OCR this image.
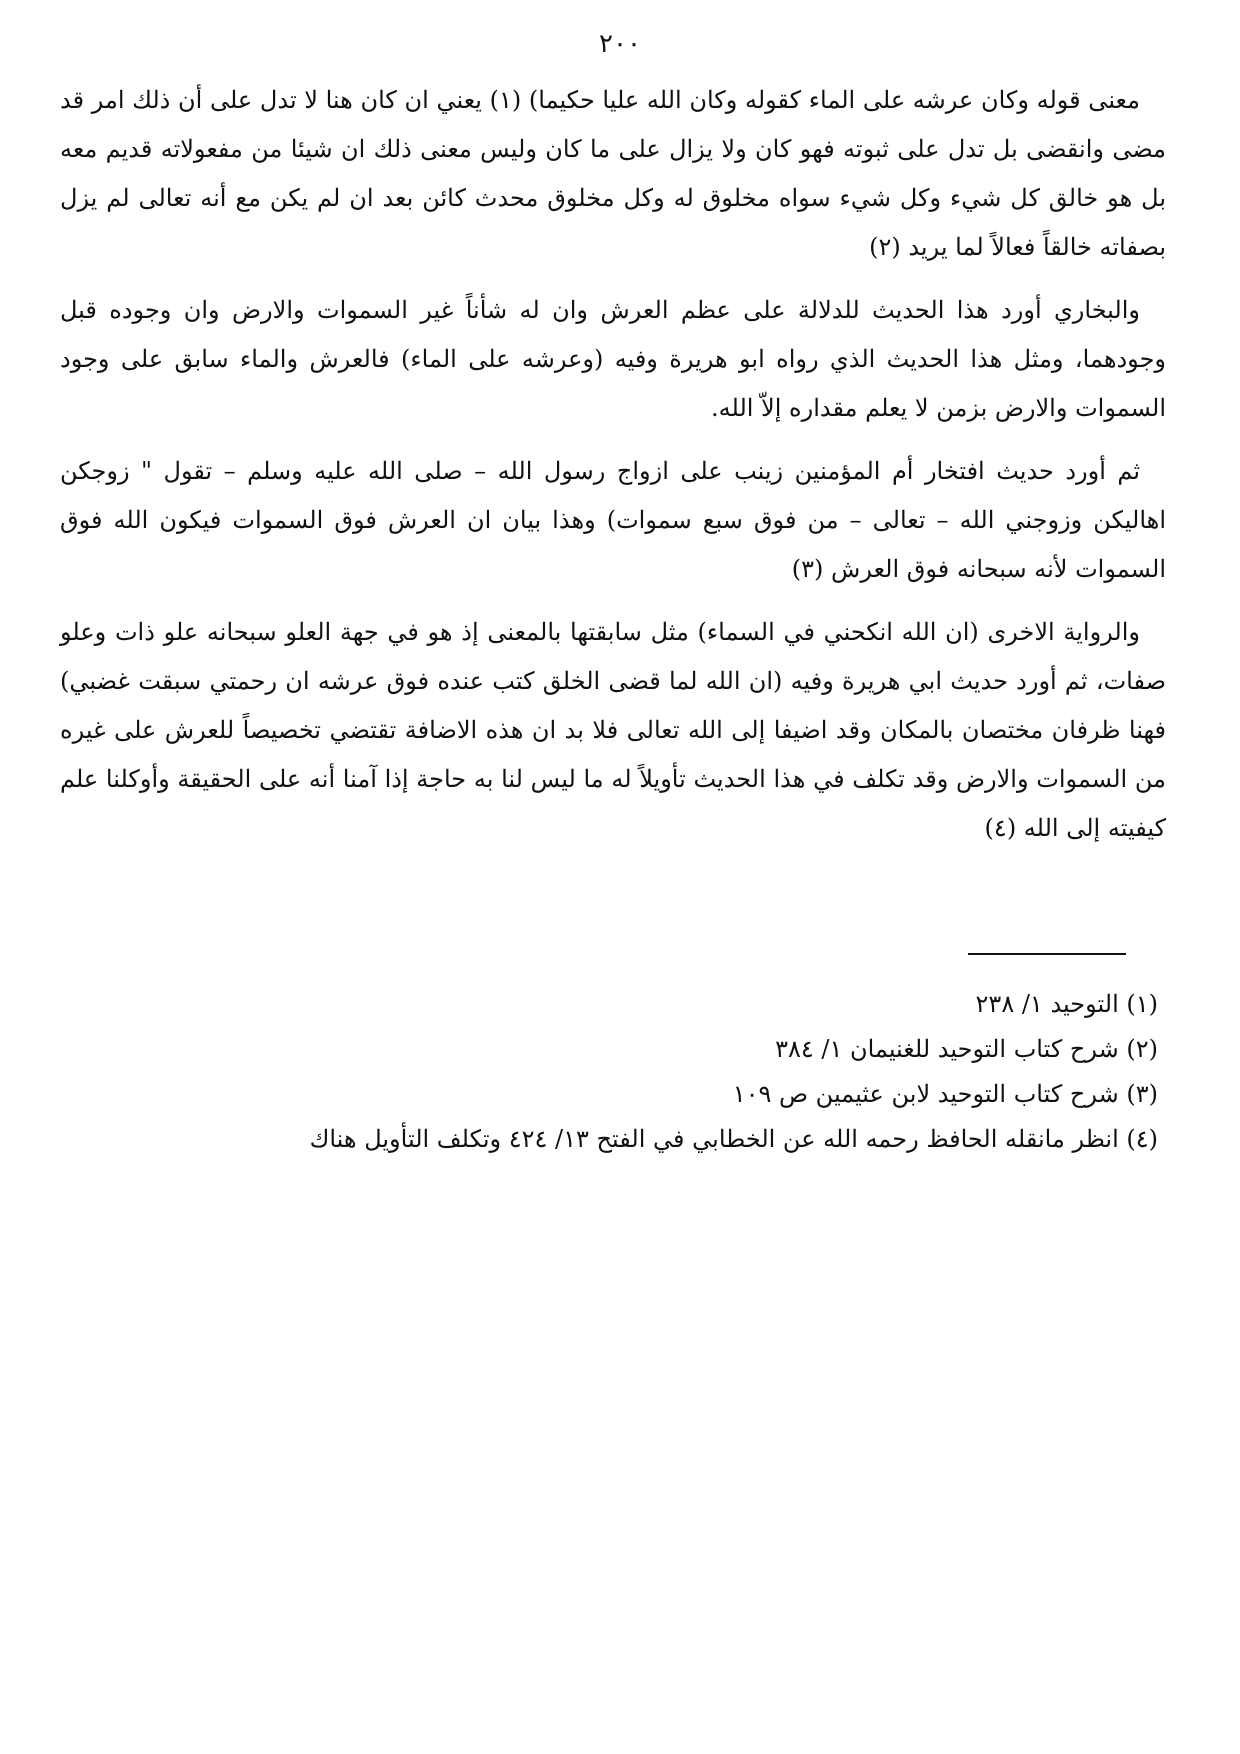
٢٠٠

معنى قوله وكان عرشه على الماء كقوله وكان الله عليا حكيما) (١) يعني ان كان هنا لا تدل على أن ذلك امر قد مضى وانقضى بل تدل على ثبوته فهو كان ولا يزال على ما كان وليس معنى ذلك ان شيئا من مفعولاته قديم معه بل هو خالق كل شيء وكل شيء سواه مخلوق له وكل مخلوق محدث كائن بعد ان لم يكن مع أنه تعالى لم يزل بصفاته خالقاً فعالاً لما يريد (٢)

والبخاري أورد هذا الحديث للدلالة على عظم العرش وان له شأناً غير السموات والارض وان وجوده قبل وجودهما، ومثل هذا الحديث الذي رواه ابو هريرة وفيه (وعرشه على الماء) فالعرش والماء سابق على وجود السموات والارض بزمن لا يعلم مقداره إلاّ الله.

ثم أورد حديث افتخار أم المؤمنين زينب على ازواج رسول الله – صلى الله عليه وسلم – تقول " زوجكن اهاليكن وزوجني الله – تعالى – من فوق سبع سموات) وهذا بيان ان العرش فوق السموات فيكون الله فوق السموات لأنه سبحانه فوق العرش (٣)

والرواية الاخرى (ان الله انكحني في السماء) مثل سابقتها بالمعنى إذ هو في جهة العلو سبحانه علو ذات وعلو صفات، ثم أورد حديث ابي هريرة وفيه (ان الله لما قضى الخلق كتب عنده فوق عرشه ان رحمتي سبقت غضبي) فهنا ظرفان مختصان بالمكان وقد اضيفا إلى الله تعالى فلا بد ان هذه الاضافة تقتضي تخصيصاً للعرش على غيره من السموات والارض وقد تكلف في هذا الحديث تأويلاً له ما ليس لنا به حاجة إذا آمنا أنه على الحقيقة وأوكلنا علم كيفيته إلى الله (٤)

(١) التوحيد ١/ ٢٣٨

(٢) شرح كتاب التوحيد للغنيمان ١/ ٣٨٤

(٣) شرح كتاب التوحيد لابن عثيمين ص ١٠٩

(٤) انظر مانقله الحافظ رحمه الله عن الخطابي في الفتح ١٣/ ٤٢٤ وتكلف التأويل هناك
